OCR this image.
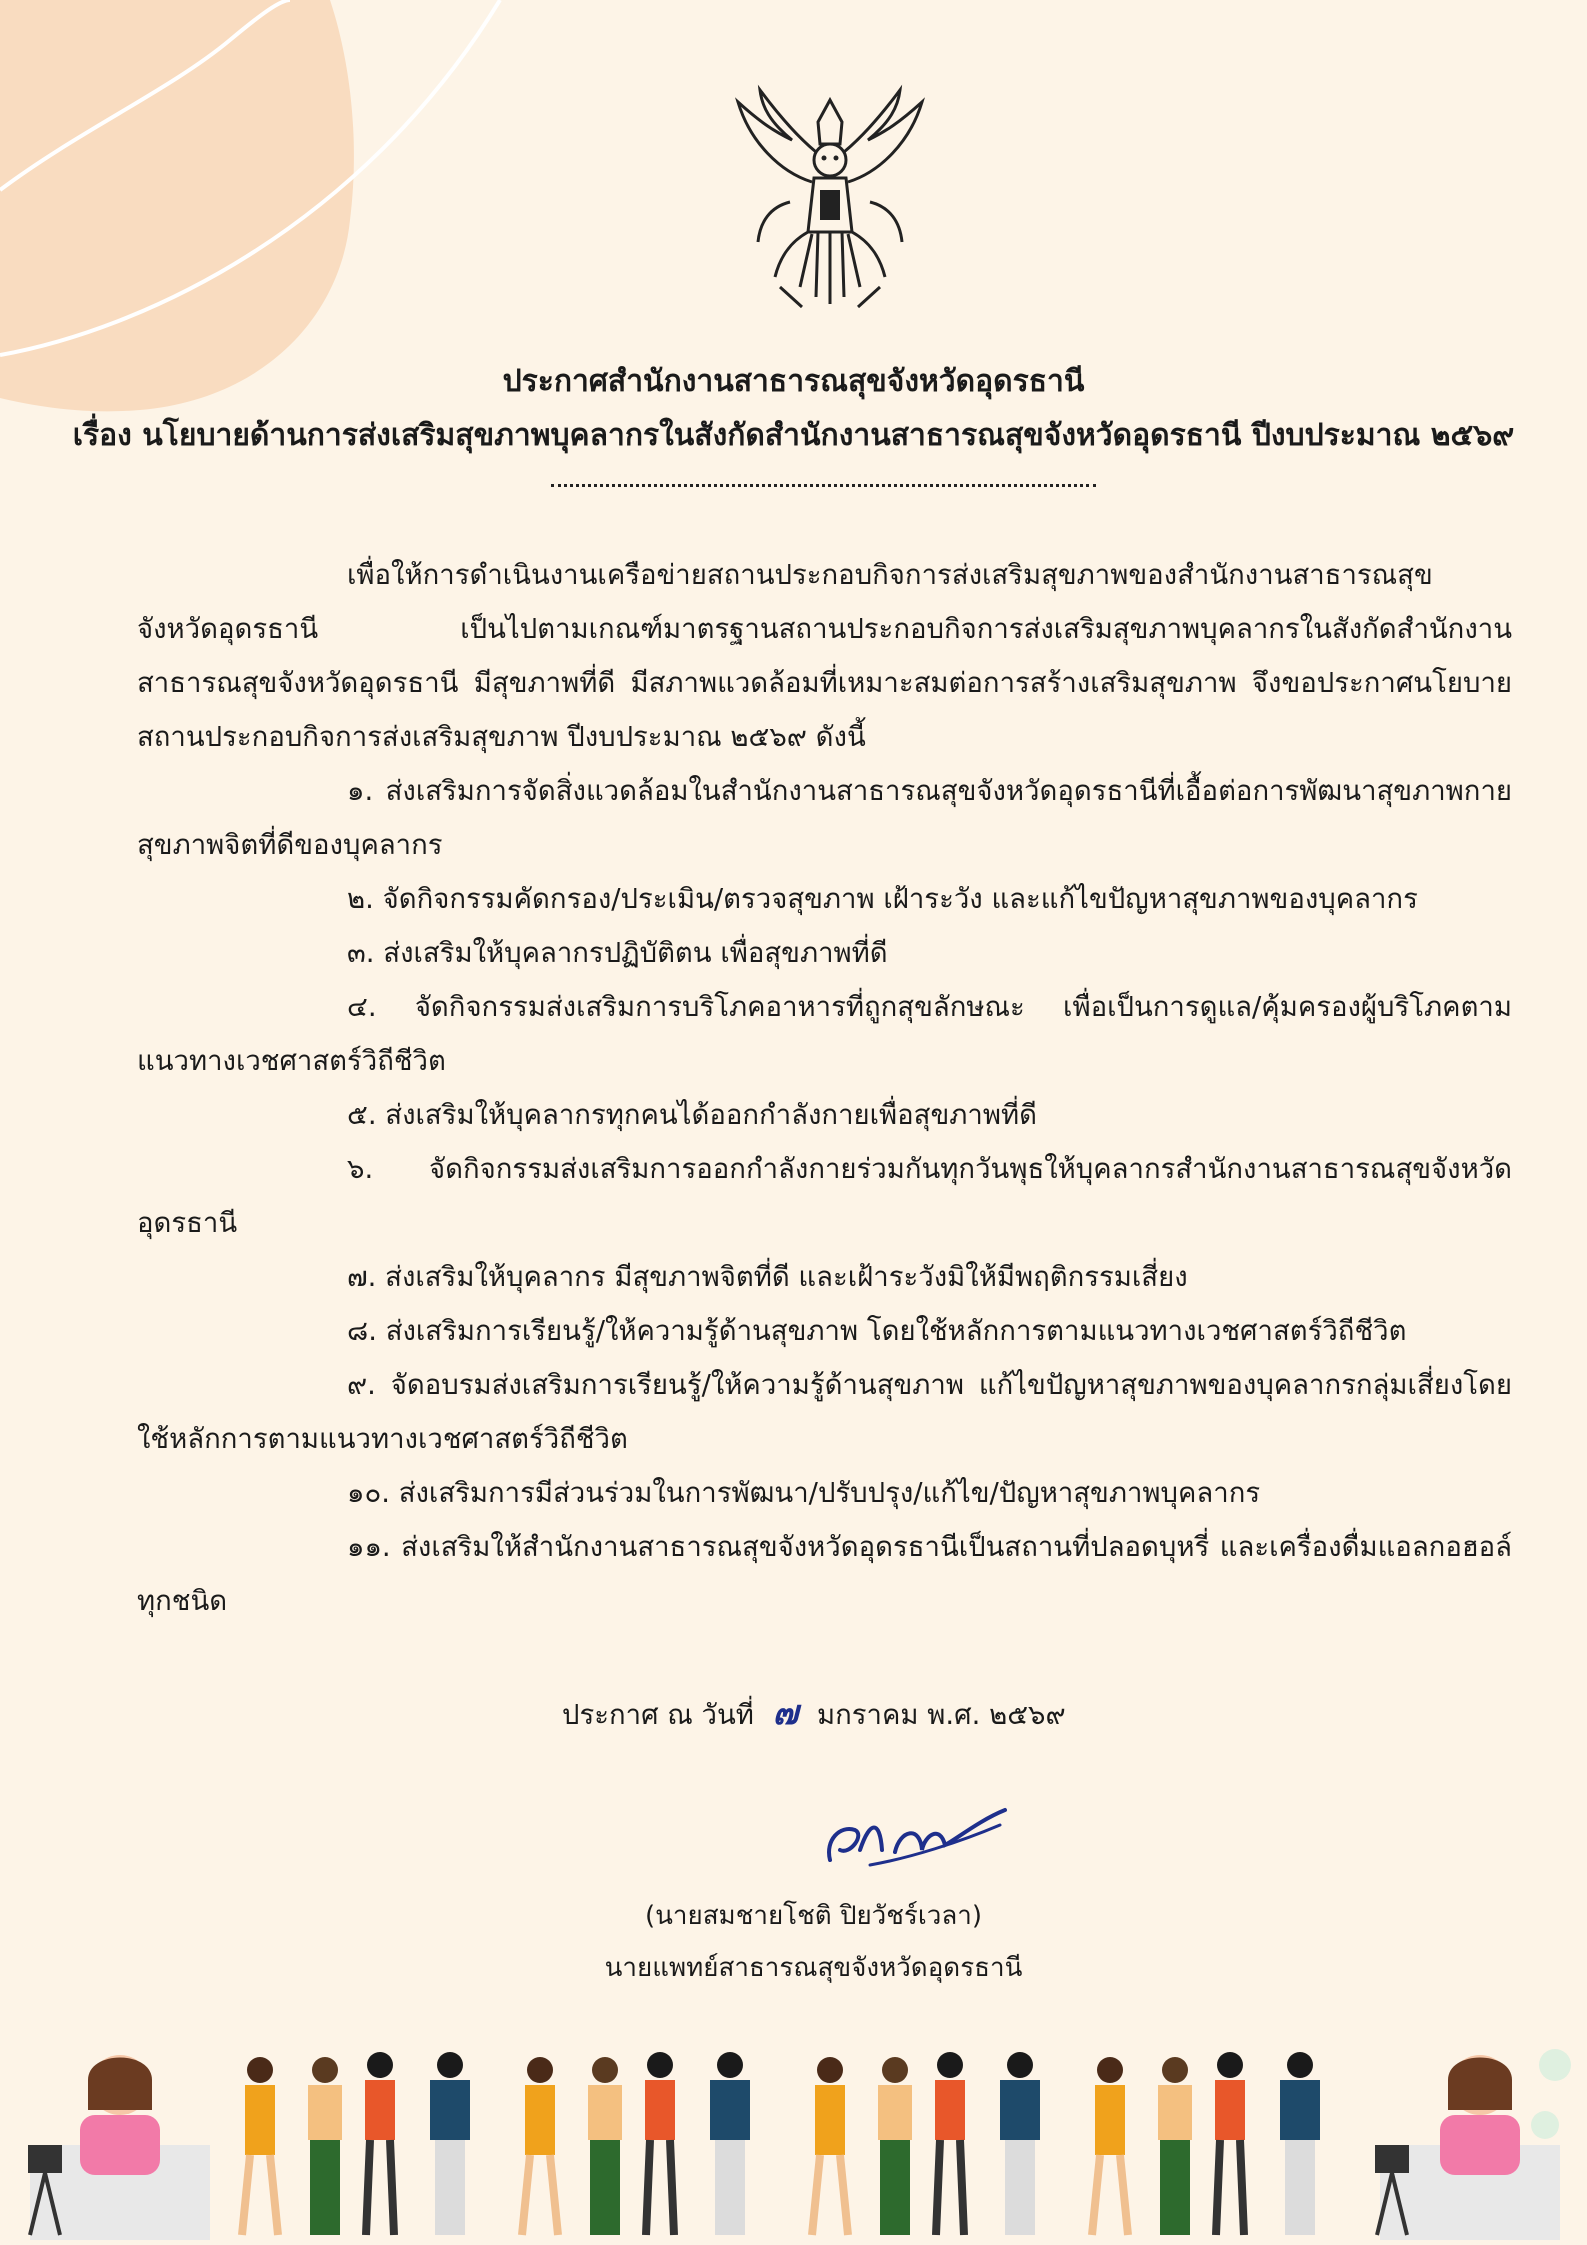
ประกาศสำนักงานสาธารณสุขจังหวัดอุดรธานี
เรื่อง นโยบายด้านการส่งเสริมสุขภาพบุคลากรในสังกัดสำนักงานสาธารณสุขจังหวัดอุดรธานี ปีงบประมาณ ๒๕๖๙

เพื่อให้การดำเนินงานเครือข่ายสถานประกอบกิจการส่งเสริมสุขภาพของสำนักงานสาธารณสุขจังหวัดอุดรธานี เป็นไปตามเกณฑ์มาตรฐานสถานประกอบกิจการส่งเสริมสุขภาพบุคลากรในสังกัดสำนักงานสาธารณสุขจังหวัดอุดรธานี มีสุขภาพที่ดี มีสภาพแวดล้อมที่เหมาะสมต่อการสร้างเสริมสุขภาพ จึงขอประกาศนโยบายสถานประกอบกิจการส่งเสริมสุขภาพ ปีงบประมาณ ๒๕๖๙ ดังนี้

๑. ส่งเสริมการจัดสิ่งแวดล้อมในสำนักงานสาธารณสุขจังหวัดอุดรธานีที่เอื้อต่อการพัฒนาสุขภาพกาย สุขภาพจิตที่ดีของบุคลากร

๒. จัดกิจกรรมคัดกรอง/ประเมิน/ตรวจสุขภาพ เฝ้าระวัง และแก้ไขปัญหาสุขภาพของบุคลากร

๓. ส่งเสริมให้บุคลากรปฏิบัติตน เพื่อสุขภาพที่ดี

๔. จัดกิจกรรมส่งเสริมการบริโภคอาหารที่ถูกสุขลักษณะ เพื่อเป็นการดูแล/คุ้มครองผู้บริโภคตามแนวทางเวชศาสตร์วิถีชีวิต

๕. ส่งเสริมให้บุคลากรทุกคนได้ออกกำลังกายเพื่อสุขภาพที่ดี

๖. จัดกิจกรรมส่งเสริมการออกกำลังกายร่วมกันทุกวันพุธให้บุคลากรสำนักงานสาธารณสุขจังหวัดอุดรธานี

๗. ส่งเสริมให้บุคลากร มีสุขภาพจิตที่ดี และเฝ้าระวังมิให้มีพฤติกรรมเสี่ยง

๘. ส่งเสริมการเรียนรู้/ให้ความรู้ด้านสุขภาพ โดยใช้หลักการตามแนวทางเวชศาสตร์วิถีชีวิต

๙. จัดอบรมส่งเสริมการเรียนรู้/ให้ความรู้ด้านสุขภาพ แก้ไขปัญหาสุขภาพของบุคลากรกลุ่มเสี่ยงโดยใช้หลักการตามแนวทางเวชศาสตร์วิถีชีวิต

๑๐. ส่งเสริมการมีส่วนร่วมในการพัฒนา/ปรับปรุง/แก้ไข/ปัญหาสุขภาพบุคลากร

๑๑. ส่งเสริมให้สำนักงานสาธารณสุขจังหวัดอุดรธานีเป็นสถานที่ปลอดบุหรี่ และเครื่องดื่มแอลกอฮอล์ทุกชนิด

ประกาศ ณ วันที่ ๗ มกราคม พ.ศ. ๒๕๖๙
(นายสมชายโชติ ปิยวัชร์เวลา)
นายแพทย์สาธารณสุขจังหวัดอุดรธานี
